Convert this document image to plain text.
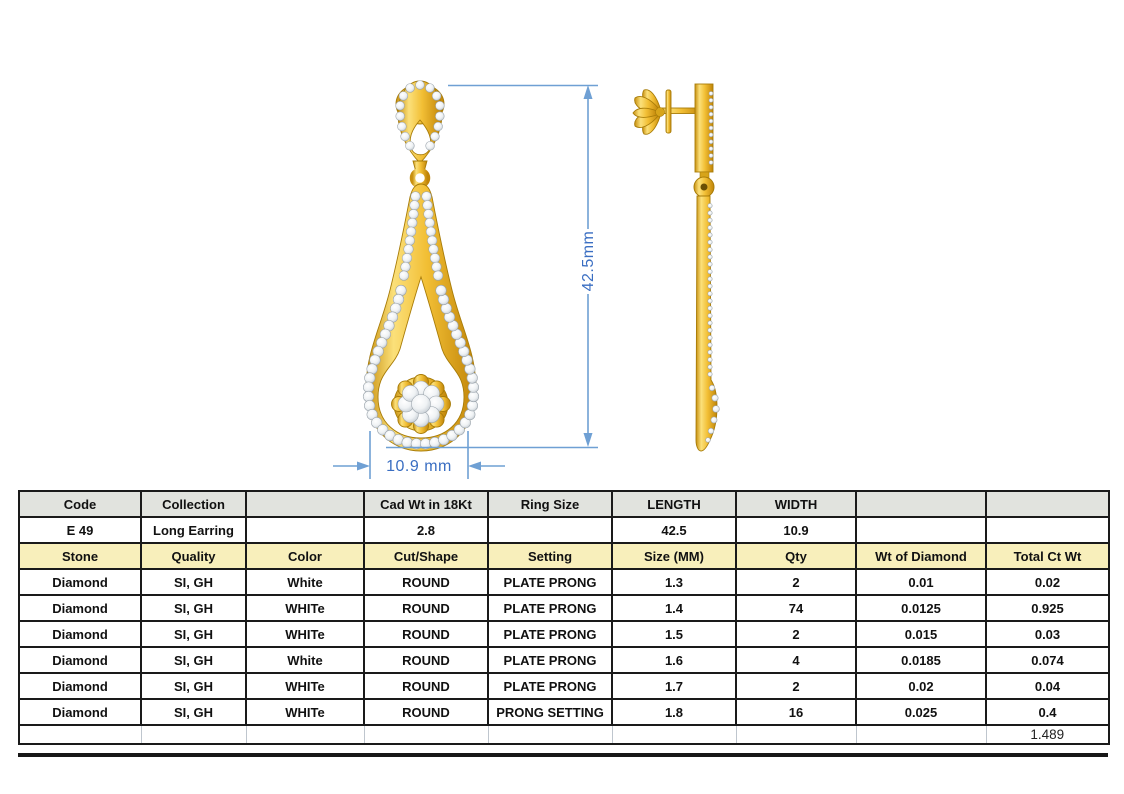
42.5mm
10.9 mm
Code	Collection		Cad Wt in 18Kt	Ring Size	LENGTH	WIDTH		
E 49	Long Earring		2.8		42.5	10.9		
Stone	Quality	Color	Cut/Shape	Setting	Size (MM)	Qty	Wt of Diamond	Total Ct Wt
Diamond	SI, GH	White	ROUND	PLATE PRONG	1.3	2	0.01	0.02
Diamond	SI, GH	WHITe	ROUND	PLATE PRONG	1.4	74	0.0125	0.925
Diamond	SI, GH	WHITe	ROUND	PLATE PRONG	1.5	2	0.015	0.03
Diamond	SI, GH	White	ROUND	PLATE PRONG	1.6	4	0.0185	0.074
Diamond	SI, GH	WHITe	ROUND	PLATE PRONG	1.7	2	0.02	0.04
Diamond	SI, GH	WHITe	ROUND	PRONG SETTING	1.8	16	0.025	0.4
								1.489
